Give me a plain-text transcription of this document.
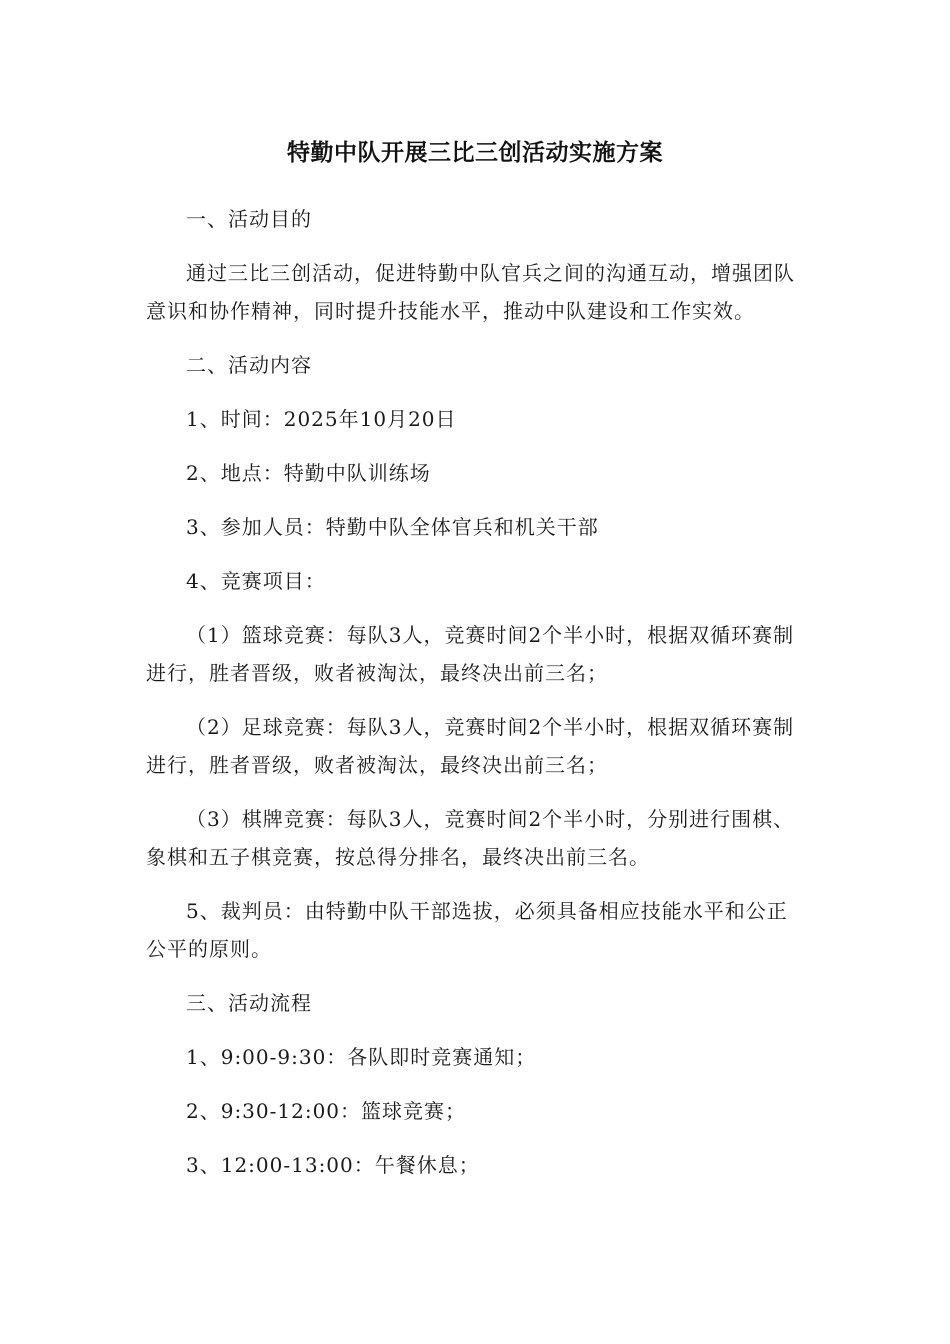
特勤中队开展三比三创活动实施方案

一、活动目的

通过三比三创活动，促进特勤中队官兵之间的沟通互动，增强团队意识和协作精神，同时提升技能水平，推动中队建设和工作实效。

二、活动内容

1、时间：2025年10月20日

2、地点：特勤中队训练场

3、参加人员：特勤中队全体官兵和机关干部

4、竞赛项目：

（1）篮球竞赛：每队3人，竞赛时间2个半小时，根据双循环赛制进行，胜者晋级，败者被淘汰，最终决出前三名；

（2）足球竞赛：每队3人，竞赛时间2个半小时，根据双循环赛制进行，胜者晋级，败者被淘汰，最终决出前三名；

（3）棋牌竞赛：每队3人，竞赛时间2个半小时，分别进行围棋、象棋和五子棋竞赛，按总得分排名，最终决出前三名。

5、裁判员：由特勤中队干部选拔，必须具备相应技能水平和公正公平的原则。

三、活动流程

1、9:00-9:30：各队即时竞赛通知；

2、9:30-12:00：篮球竞赛；

3、12:00-13:00：午餐休息；
